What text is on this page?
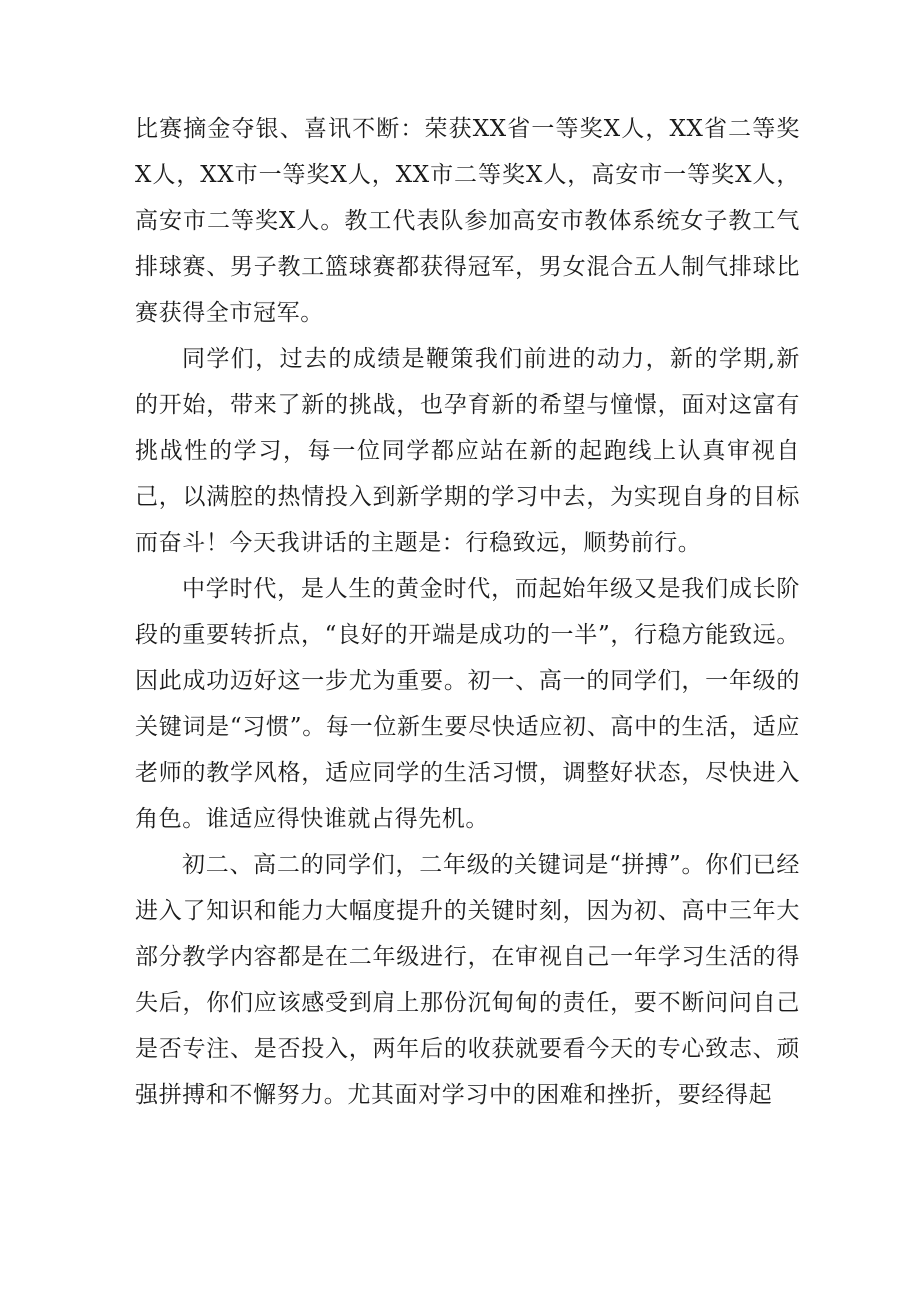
比赛摘金夺银、喜讯不断：荣获XX省一等奖X人，XX省二等奖X人，XX市一等奖X人，XX市二等奖X人，高安市一等奖X人，高安市二等奖X人。教工代表队参加高安市教体系统女子教工气排球赛、男子教工篮球赛都获得冠军，男女混合五人制气排球比赛获得全市冠军。

同学们，过去的成绩是鞭策我们前进的动力，新的学期,新的开始，带来了新的挑战，也孕育新的希望与憧憬，面对这富有挑战性的学习，每一位同学都应站在新的起跑线上认真审视自己，以满腔的热情投入到新学期的学习中去，为实现自身的目标而奋斗！今天我讲话的主题是：行稳致远，顺势前行。

中学时代，是人生的黄金时代，而起始年级又是我们成长阶段的重要转折点，“良好的开端是成功的一半”，行稳方能致远。因此成功迈好这一步尤为重要。初一、高一的同学们，一年级的关键词是“习惯”。每一位新生要尽快适应初、高中的生活，适应老师的教学风格，适应同学的生活习惯，调整好状态，尽快进入角色。谁适应得快谁就占得先机。

初二、高二的同学们，二年级的关键词是“拼搏”。你们已经进入了知识和能力大幅度提升的关键时刻，因为初、高中三年大部分教学内容都是在二年级进行，在审视自己一年学习生活的得失后，你们应该感受到肩上那份沉甸甸的责任，要不断问问自己是否专注、是否投入，两年后的收获就要看今天的专心致志、顽强拼搏和不懈努力。尤其面对学习中的困难和挫折，要经得起
